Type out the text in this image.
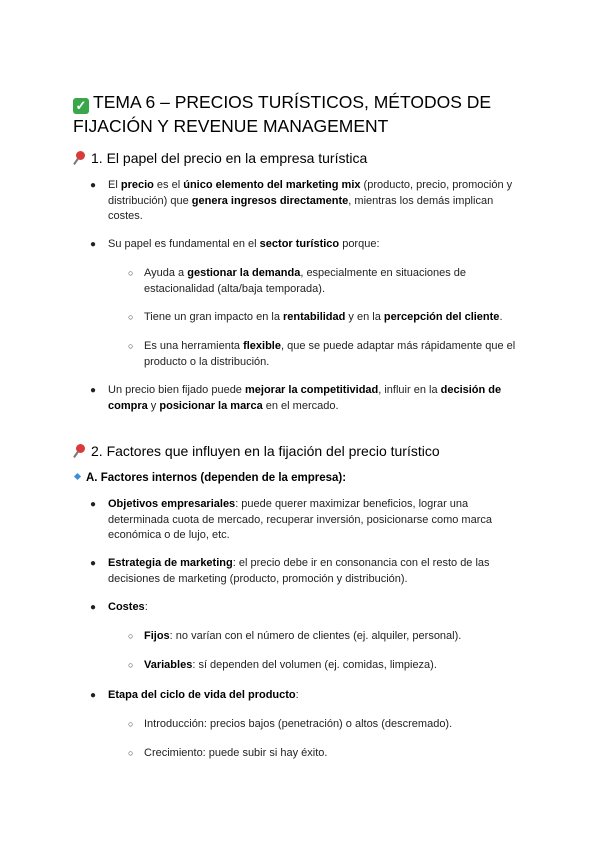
✓ TEMA 6 – PRECIOS TURÍSTICOS, MÉTODOS DE FIJACIÓN Y REVENUE MANAGEMENT
1. El papel del precio en la empresa turística
● El precio es el único elemento del marketing mix (producto, precio, promoción y distribución) que genera ingresos directamente, mientras los demás implican costes.
● Su papel es fundamental en el sector turístico porque:
○ Ayuda a gestionar la demanda, especialmente en situaciones de estacionalidad (alta/baja temporada).
○ Tiene un gran impacto en la rentabilidad y en la percepción del cliente.
○ Es una herramienta flexible, que se puede adaptar más rápidamente que el producto o la distribución.
● Un precio bien fijado puede mejorar la competitividad, influir en la decisión de compra y posicionar la marca en el mercado.
2. Factores que influyen en la fijación del precio turístico
A. Factores internos (dependen de la empresa):
● Objetivos empresariales: puede querer maximizar beneficios, lograr una determinada cuota de mercado, recuperar inversión, posicionarse como marca económica o de lujo, etc.
● Estrategia de marketing: el precio debe ir en consonancia con el resto de las decisiones de marketing (producto, promoción y distribución).
● Costes:
○ Fijos: no varían con el número de clientes (ej. alquiler, personal).
○ Variables: sí dependen del volumen (ej. comidas, limpieza).
● Etapa del ciclo de vida del producto:
○ Introducción: precios bajos (penetración) o altos (descremado).
○ Crecimiento: puede subir si hay éxito.
